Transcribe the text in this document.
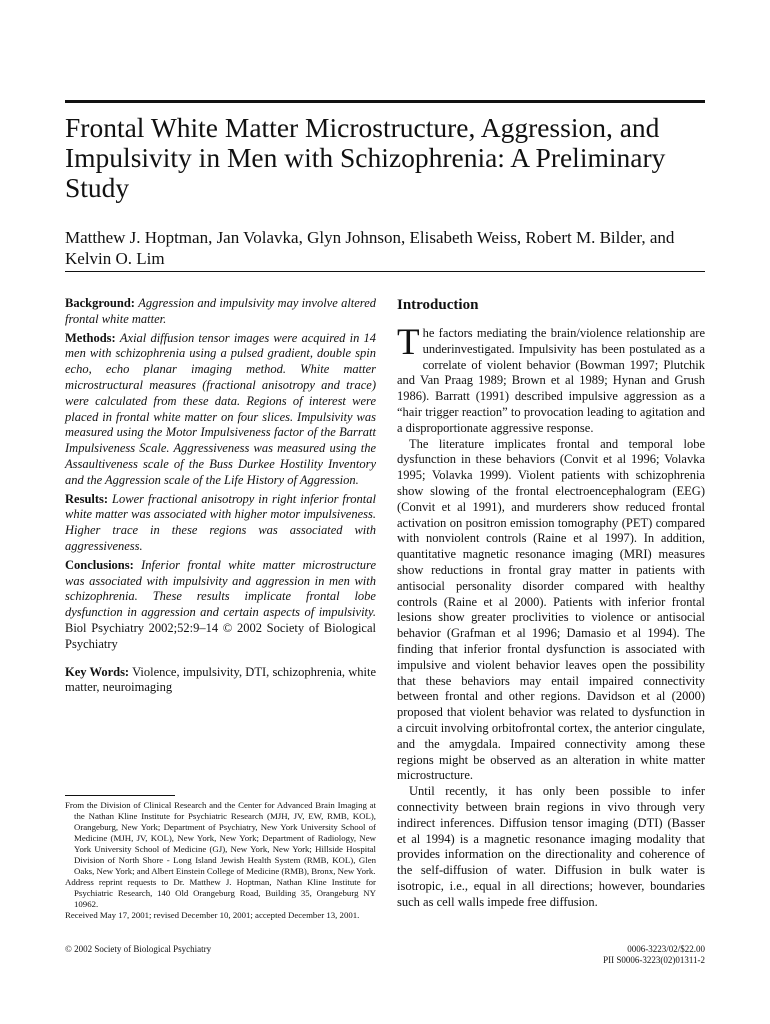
Frontal White Matter Microstructure, Aggression, and Impulsivity in Men with Schizophrenia: A Preliminary Study

Matthew J. Hoptman, Jan Volavka, Glyn Johnson, Elisabeth Weiss, Robert M. Bilder, and Kelvin O. Lim

Background: Aggression and impulsivity may involve altered frontal white matter.

Methods: Axial diffusion tensor images were acquired in 14 men with schizophrenia using a pulsed gradient, double spin echo, echo planar imaging method. White matter microstructural measures (fractional anisotropy and trace) were calculated from these data. Regions of interest were placed in frontal white matter on four slices. Impulsivity was measured using the Motor Impulsiveness factor of the Barratt Impulsiveness Scale. Aggressiveness was measured using the Assaultiveness scale of the Buss Durkee Hostility Inventory and the Aggression scale of the Life History of Aggression.

Results: Lower fractional anisotropy in right inferior frontal white matter was associated with higher motor impulsiveness. Higher trace in these regions was associated with aggressiveness.

Conclusions: Inferior frontal white matter microstructure was associated with impulsivity and aggression in men with schizophrenia. These results implicate frontal lobe dysfunction in aggression and certain aspects of impulsivity. Biol Psychiatry 2002;52:9–14 © 2002 Society of Biological Psychiatry

Key Words: Violence, impulsivity, DTI, schizophrenia, white matter, neuroimaging

From the Division of Clinical Research and the Center for Advanced Brain Imaging at the Nathan Kline Institute for Psychiatric Research (MJH, JV, EW, RMB, KOL), Orangeburg, New York; Department of Psychiatry, New York University School of Medicine (MJH, JV, KOL), New York, New York; Department of Radiology, New York University School of Medicine (GJ), New York, New York; Hillside Hospital Division of North Shore - Long Island Jewish Health System (RMB, KOL), Glen Oaks, New York; and Albert Einstein College of Medicine (RMB), Bronx, New York.

Address reprint requests to Dr. Matthew J. Hoptman, Nathan Kline Institute for Psychiatric Research, 140 Old Orangeburg Road, Building 35, Orangeburg NY 10962.

Received May 17, 2001; revised December 10, 2001; accepted December 13, 2001.

Introduction

The factors mediating the brain/violence relationship are underinvestigated. Impulsivity has been postulated as a correlate of violent behavior (Bowman 1997; Plutchik and Van Praag 1989; Brown et al 1989; Hynan and Grush 1986). Barratt (1991) described impulsive aggression as a “hair trigger reaction” to provocation leading to agitation and a disproportionate aggressive response.

The literature implicates frontal and temporal lobe dysfunction in these behaviors (Convit et al 1996; Volavka 1995; Volavka 1999). Violent patients with schizophrenia show slowing of the frontal electroencephalogram (EEG) (Convit et al 1991), and murderers show reduced frontal activation on positron emission tomography (PET) compared with nonviolent controls (Raine et al 1997). In addition, quantitative magnetic resonance imaging (MRI) measures show reductions in frontal gray matter in patients with antisocial personality disorder compared with healthy controls (Raine et al 2000). Patients with inferior frontal lesions show greater proclivities to violence or antisocial behavior (Grafman et al 1996; Damasio et al 1994). The finding that inferior frontal dysfunction is associated with impulsive and violent behavior leaves open the possibility that these behaviors may entail impaired connectivity between frontal and other regions. Davidson et al (2000) proposed that violent behavior was related to dysfunction in a circuit involving orbitofrontal cortex, the anterior cingulate, and the amygdala. Impaired connectivity among these regions might be observed as an alteration in white matter microstructure.

Until recently, it has only been possible to infer connectivity between brain regions in vivo through very indirect inferences. Diffusion tensor imaging (DTI) (Basser et al 1994) is a magnetic resonance imaging modality that provides information on the directionality and coherence of the self-diffusion of water. Diffusion in bulk water is isotropic, i.e., equal in all directions; however, boundaries such as cell walls impede free diffusion.

© 2002 Society of Biological Psychiatry	0006-3223/02/$22.00
PII S0006-3223(02)01311-2
